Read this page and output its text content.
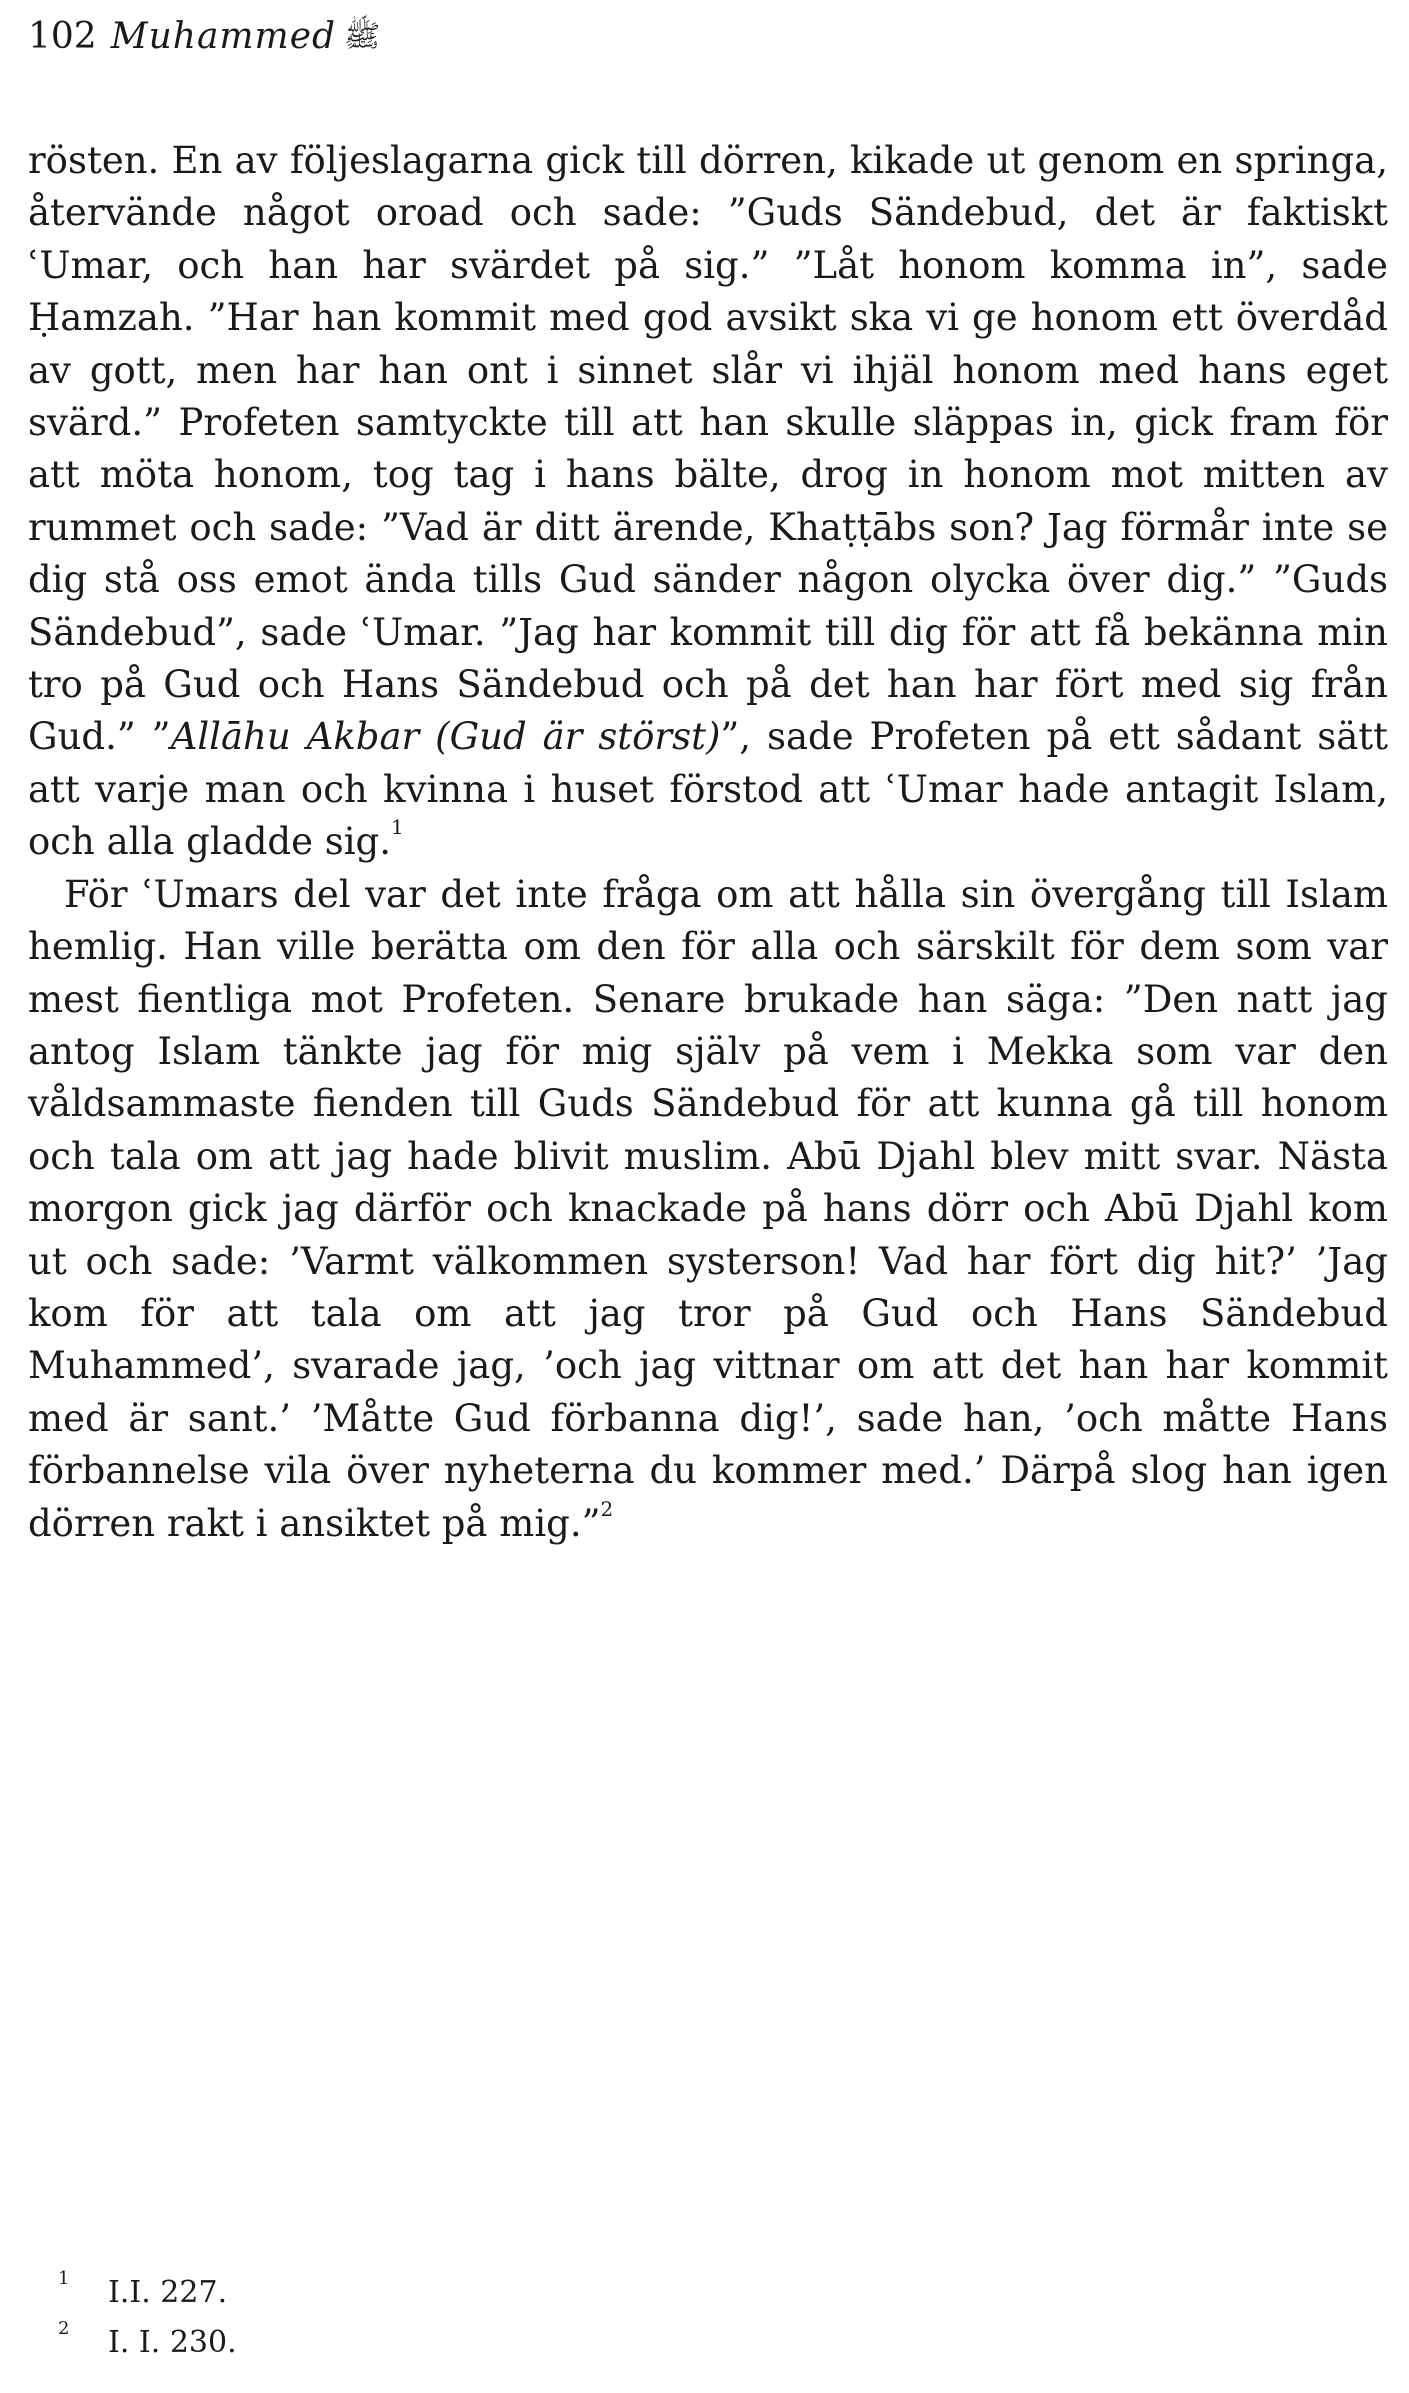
102 Muhammed ﷺ

rösten. En av följeslagarna gick till dörren, kikade ut genom en springa, återvände något oroad och sade: ”Guds Sändebud, det är faktiskt ʿUmar, och han har svärdet på sig.” ”Låt honom komma in”, sade Ḥamzah. ”Har han kommit med god avsikt ska vi ge honom ett överdåd av gott, men har han ont i sinnet slår vi ihjäl honom med hans eget svärd.” Profeten samtyckte till att han skulle släppas in, gick fram för att möta honom, tog tag i hans bälte, drog in honom mot mitten av rummet och sade: ”Vad är ditt ärende, Khaṭṭābs son? Jag förmår inte se dig stå oss emot ända tills Gud sänder någon olycka över dig.” ”Guds Sändebud”, sade ʿUmar. ”Jag har kommit till dig för att få bekänna min tro på Gud och Hans Sändebud och på det han har fört med sig från Gud.” ”Allāhu Akbar (Gud är störst)”, sade Profeten på ett sådant sätt att varje man och kvinna i huset förstod att ʿUmar hade antagit Islam, och alla gladde sig.$^1$

För ʿUmars del var det inte fråga om att hålla sin övergång till Islam hemlig. Han ville berätta om den för alla och särskilt för dem som var mest fientliga mot Profeten. Senare brukade han säga: ”Den natt jag antog Islam tänkte jag för mig själv på vem i Mekka som var den våldsammaste fienden till Guds Sändebud för att kunna gå till honom och tala om att jag hade blivit muslim. Abū Djahl blev mitt svar. Nästa morgon gick jag därför och knackade på hans dörr och Abū Djahl kom ut och sade: ’Varmt välkommen systerson! Vad har fört dig hit?’ ’Jag kom för att tala om att jag tror på Gud och Hans Sändebud Muhammed’, svarade jag, ’och jag vittnar om att det han har kommit med är sant.’ ’Måtte Gud förbanna dig!’, sade han, ’och måtte Hans förbannelse vila över nyheterna du kommer med.’ Därpå slog han igen dörren rakt i ansiktet på mig.”$^2$

1 I.I. 227.
2 I. I. 230.
